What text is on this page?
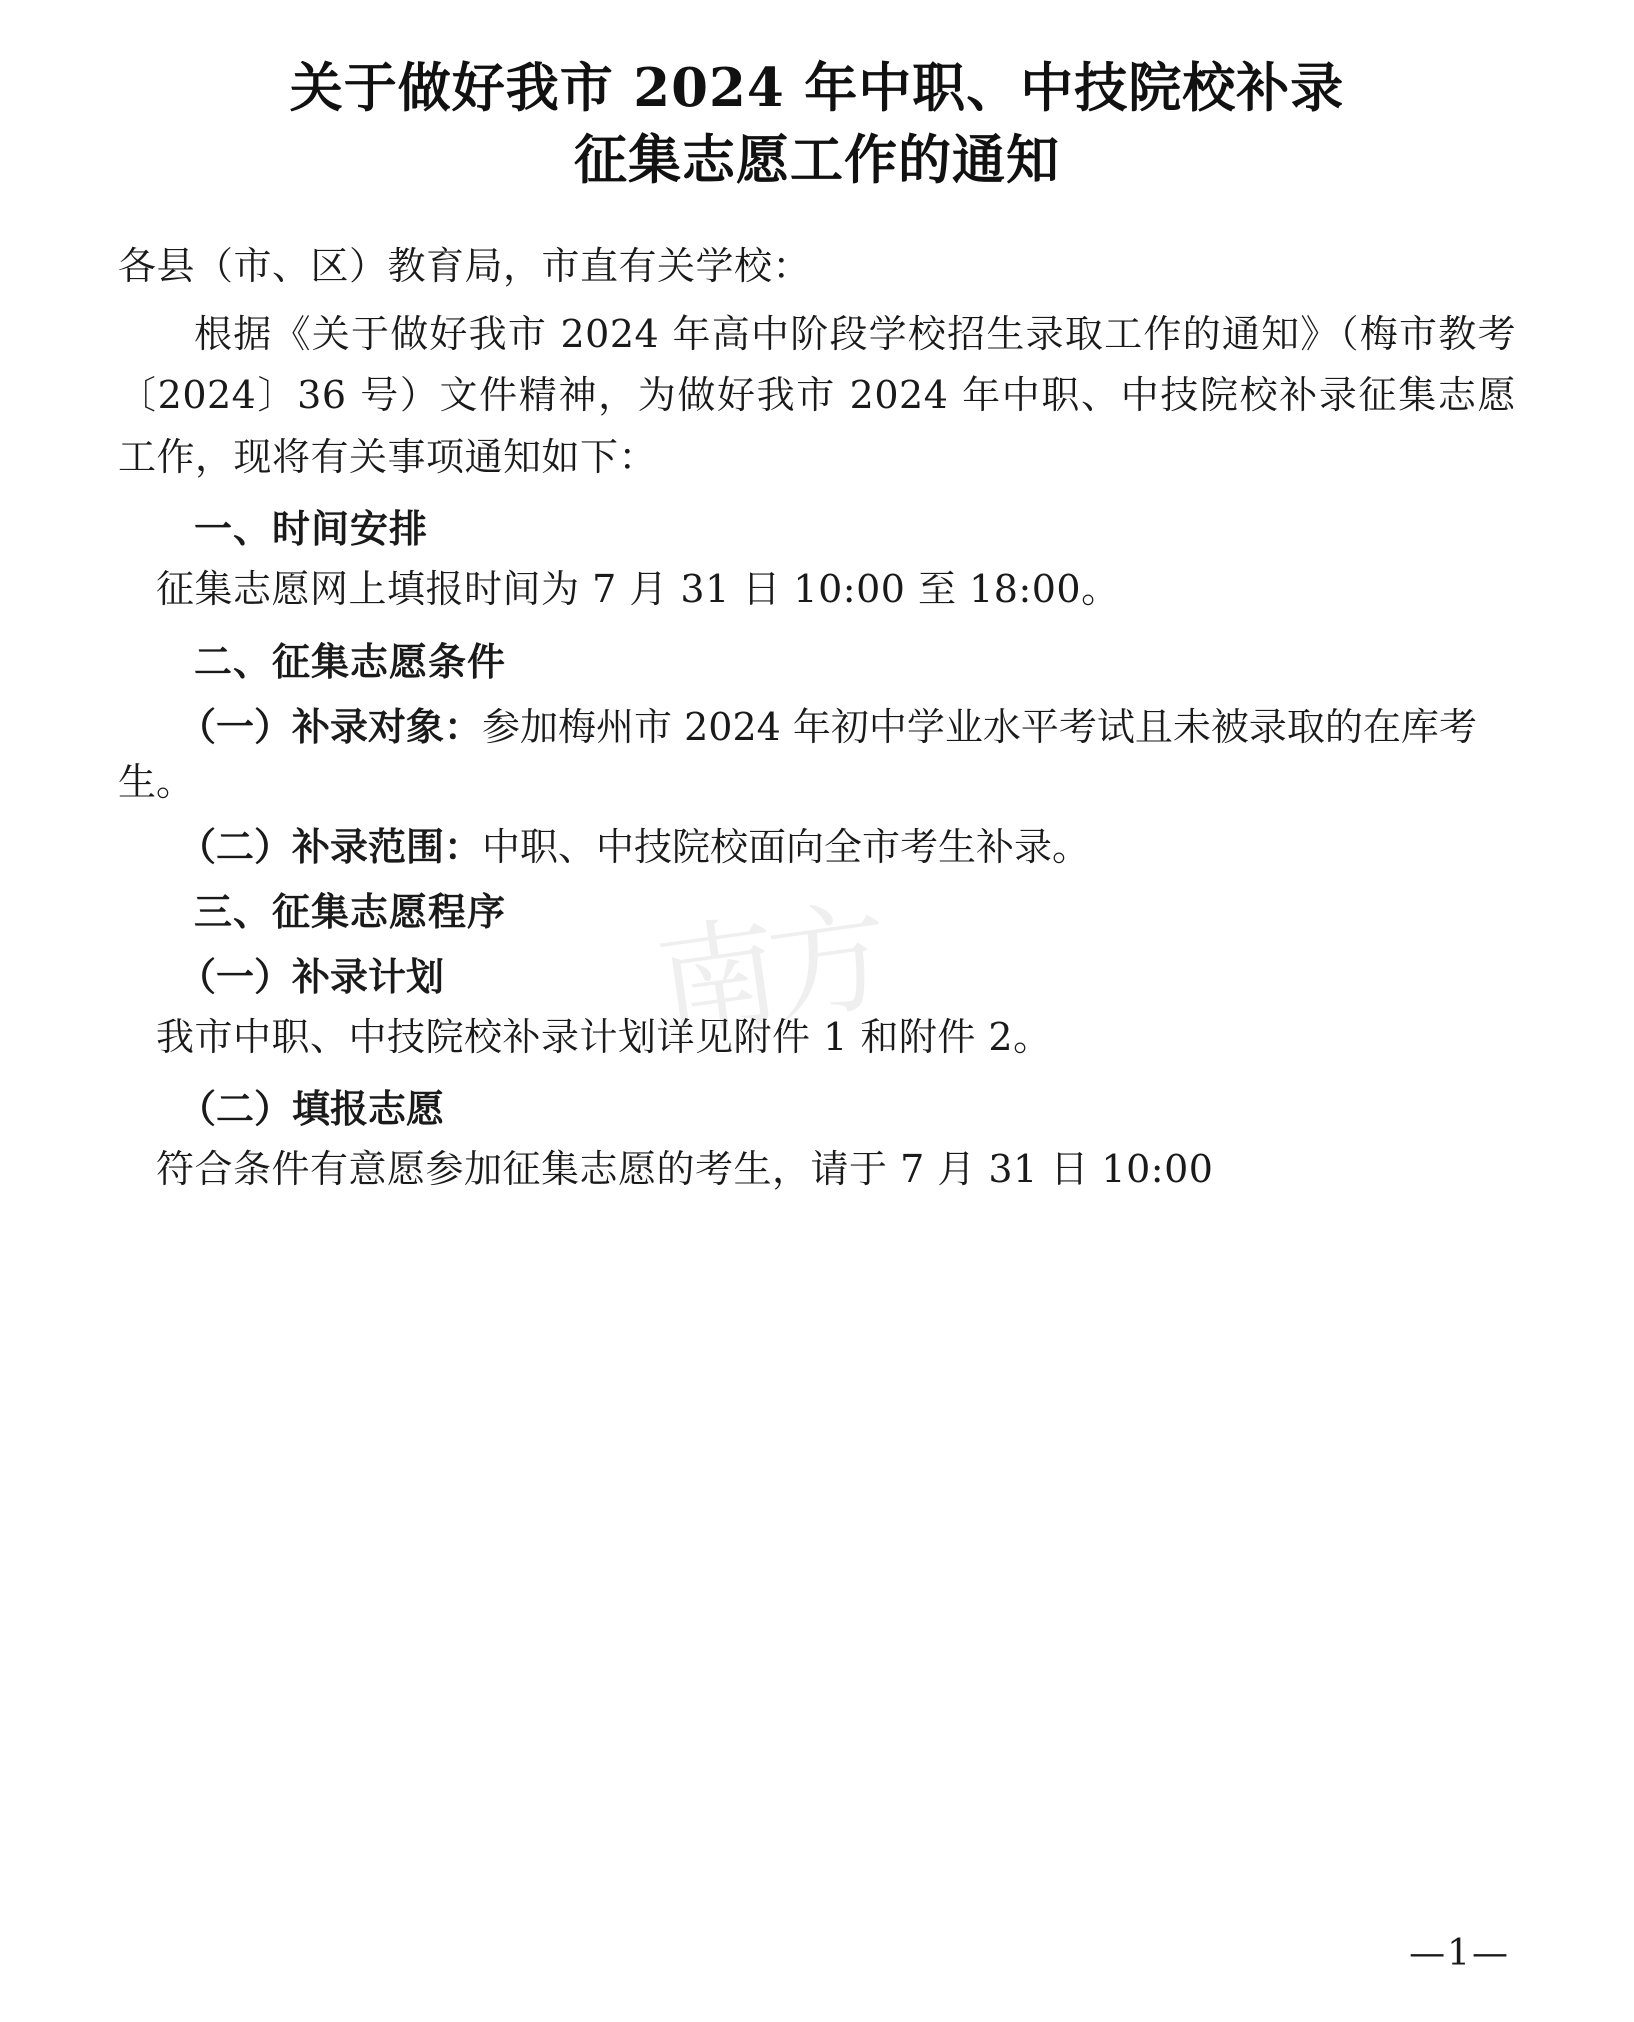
关于做好我市 2024 年中职、中技院校补录
征集志愿工作的通知

各县（市、区）教育局，市直有关学校：

根据《关于做好我市 2024 年高中阶段学校招生录取工作的通知》（梅市教考〔2024〕36 号）文件精神，为做好我市 2024 年中职、中技院校补录征集志愿工作，现将有关事项通知如下：

一、时间安排

征集志愿网上填报时间为 7 月 31 日 10:00 至 18:00。

二、征集志愿条件

（一）补录对象：参加梅州市 2024 年初中学业水平考试且未被录取的在库考生。

（二）补录范围：中职、中技院校面向全市考生补录。

三、征集志愿程序

（一）补录计划

我市中职、中技院校补录计划详见附件 1 和附件 2。

（二）填报志愿

符合条件有意愿参加征集志愿的考生，请于 7 月 31 日 10:00

南方
—1—
